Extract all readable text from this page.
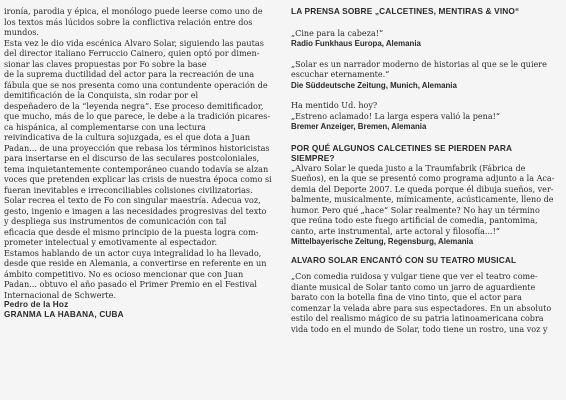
ironía, parodia y épica, el monólogo puede leerse como uno de
los textos más lúcidos sobre la conflictiva relación entre dos
mundos.
Esta vez le dio vida escénica Alvaro Solar, siguiendo las pautas
del director italiano Ferruccio Cainero, quien optó por dimen-
sionar las claves propuestas por Fo sobre la base
de la suprema ductilidad del actor para la recreación de una
fábula que se nos presenta como una contundente operación de
demitificación de la Conquista, sin rodar por el
despeñadero de la “leyenda negra”. Ese proceso demitificador,
que mucho, más de lo que parece, le debe a la tradición picares-
ca hispánica, al complementarse con una lectura
reivindicativa de la cultura sojuzgada, es el que dota a Juan
Padan... de una proyección que rebasa los términos historicistas
para insertarse en el discurso de las seculares postcoloniales,
tema inquietantemente contemporáneo cuando todavía se alzan
voces que pretenden explicar las crisis de nuestra época como si
fueran inevitables e irreconciliables colisiones civilizatorias.
Solar recrea el texto de Fo con singular maestría. Adecua voz,
gesto, ingenio e imagen a las necesidades progresivas del texto
y despliega sus instrumentos de comunicación con tal
eficacia que desde el mismo principio de la puesta logra com-
prometer intelectual y emotivamente al espectador.
Estamos hablando de un actor cuya integralidad lo ha llevado,
desde que reside en Alemania, a convertirse en referente en un
ámbito competitivo. No es ocioso mencionar que con Juan
Padan... obtuvo el año pasado el Primer Premio en el Festival
Internacional de Schwerte.

Pedro de la Hoz

GRANMA LA HABANA, CUBA

LA PRENSA SOBRE „CALCETINES, MENTIRAS & VINO“

„Cine para la cabeza!“

Radio Funkhaus Europa, Alemania

„Solar es un narrador moderno de historias al que se le quiere

escuchar eternamente.“

Die Süddeutsche Zeitung, Munich, Alemania

Ha mentido Ud. hoy?

„Estreno aclamado! La larga espera valió la pena!“

Bremer Anzeiger, Bremen, Alemania

POR QUÉ ALGUNOS CALCETINES SE PIERDEN PARA

SIEMPRE?

„Alvaro Solar le queda justo a la Traumfabrik (Fábrica de
Sueños), en la que se presentó como programa adjunto a la Aca-
demia del Deporte 2007. Le queda porque él dibuja sueños, ver-
balmente, musicalmente, mímicamente, acústicamente, lleno de
humor. Pero qué „hace“ Solar realmente? No hay un término
que reúna todo este fuego artificial de comedia, pantomima,
canto, arte instrumental, arte actoral y filosofía...!“

Mittelbayerische Zeitung, Regensburg, Alemania

ALVARO SOLAR ENCANTÓ CON SU TEATRO MUSICAL

„Con comedia ruidosa y vulgar tiene que ver el teatro come-
diante musical de Solar tanto como un jarro de aguardiente
barato con la botella fina de vino tinto, que el actor para
comenzar la velada abre para sus espectadores. En un absoluto
estilo del realismo mágico de su patria latinoamericana cobra
vida todo en el mundo de Solar, todo tiene un rostro, una voz y
